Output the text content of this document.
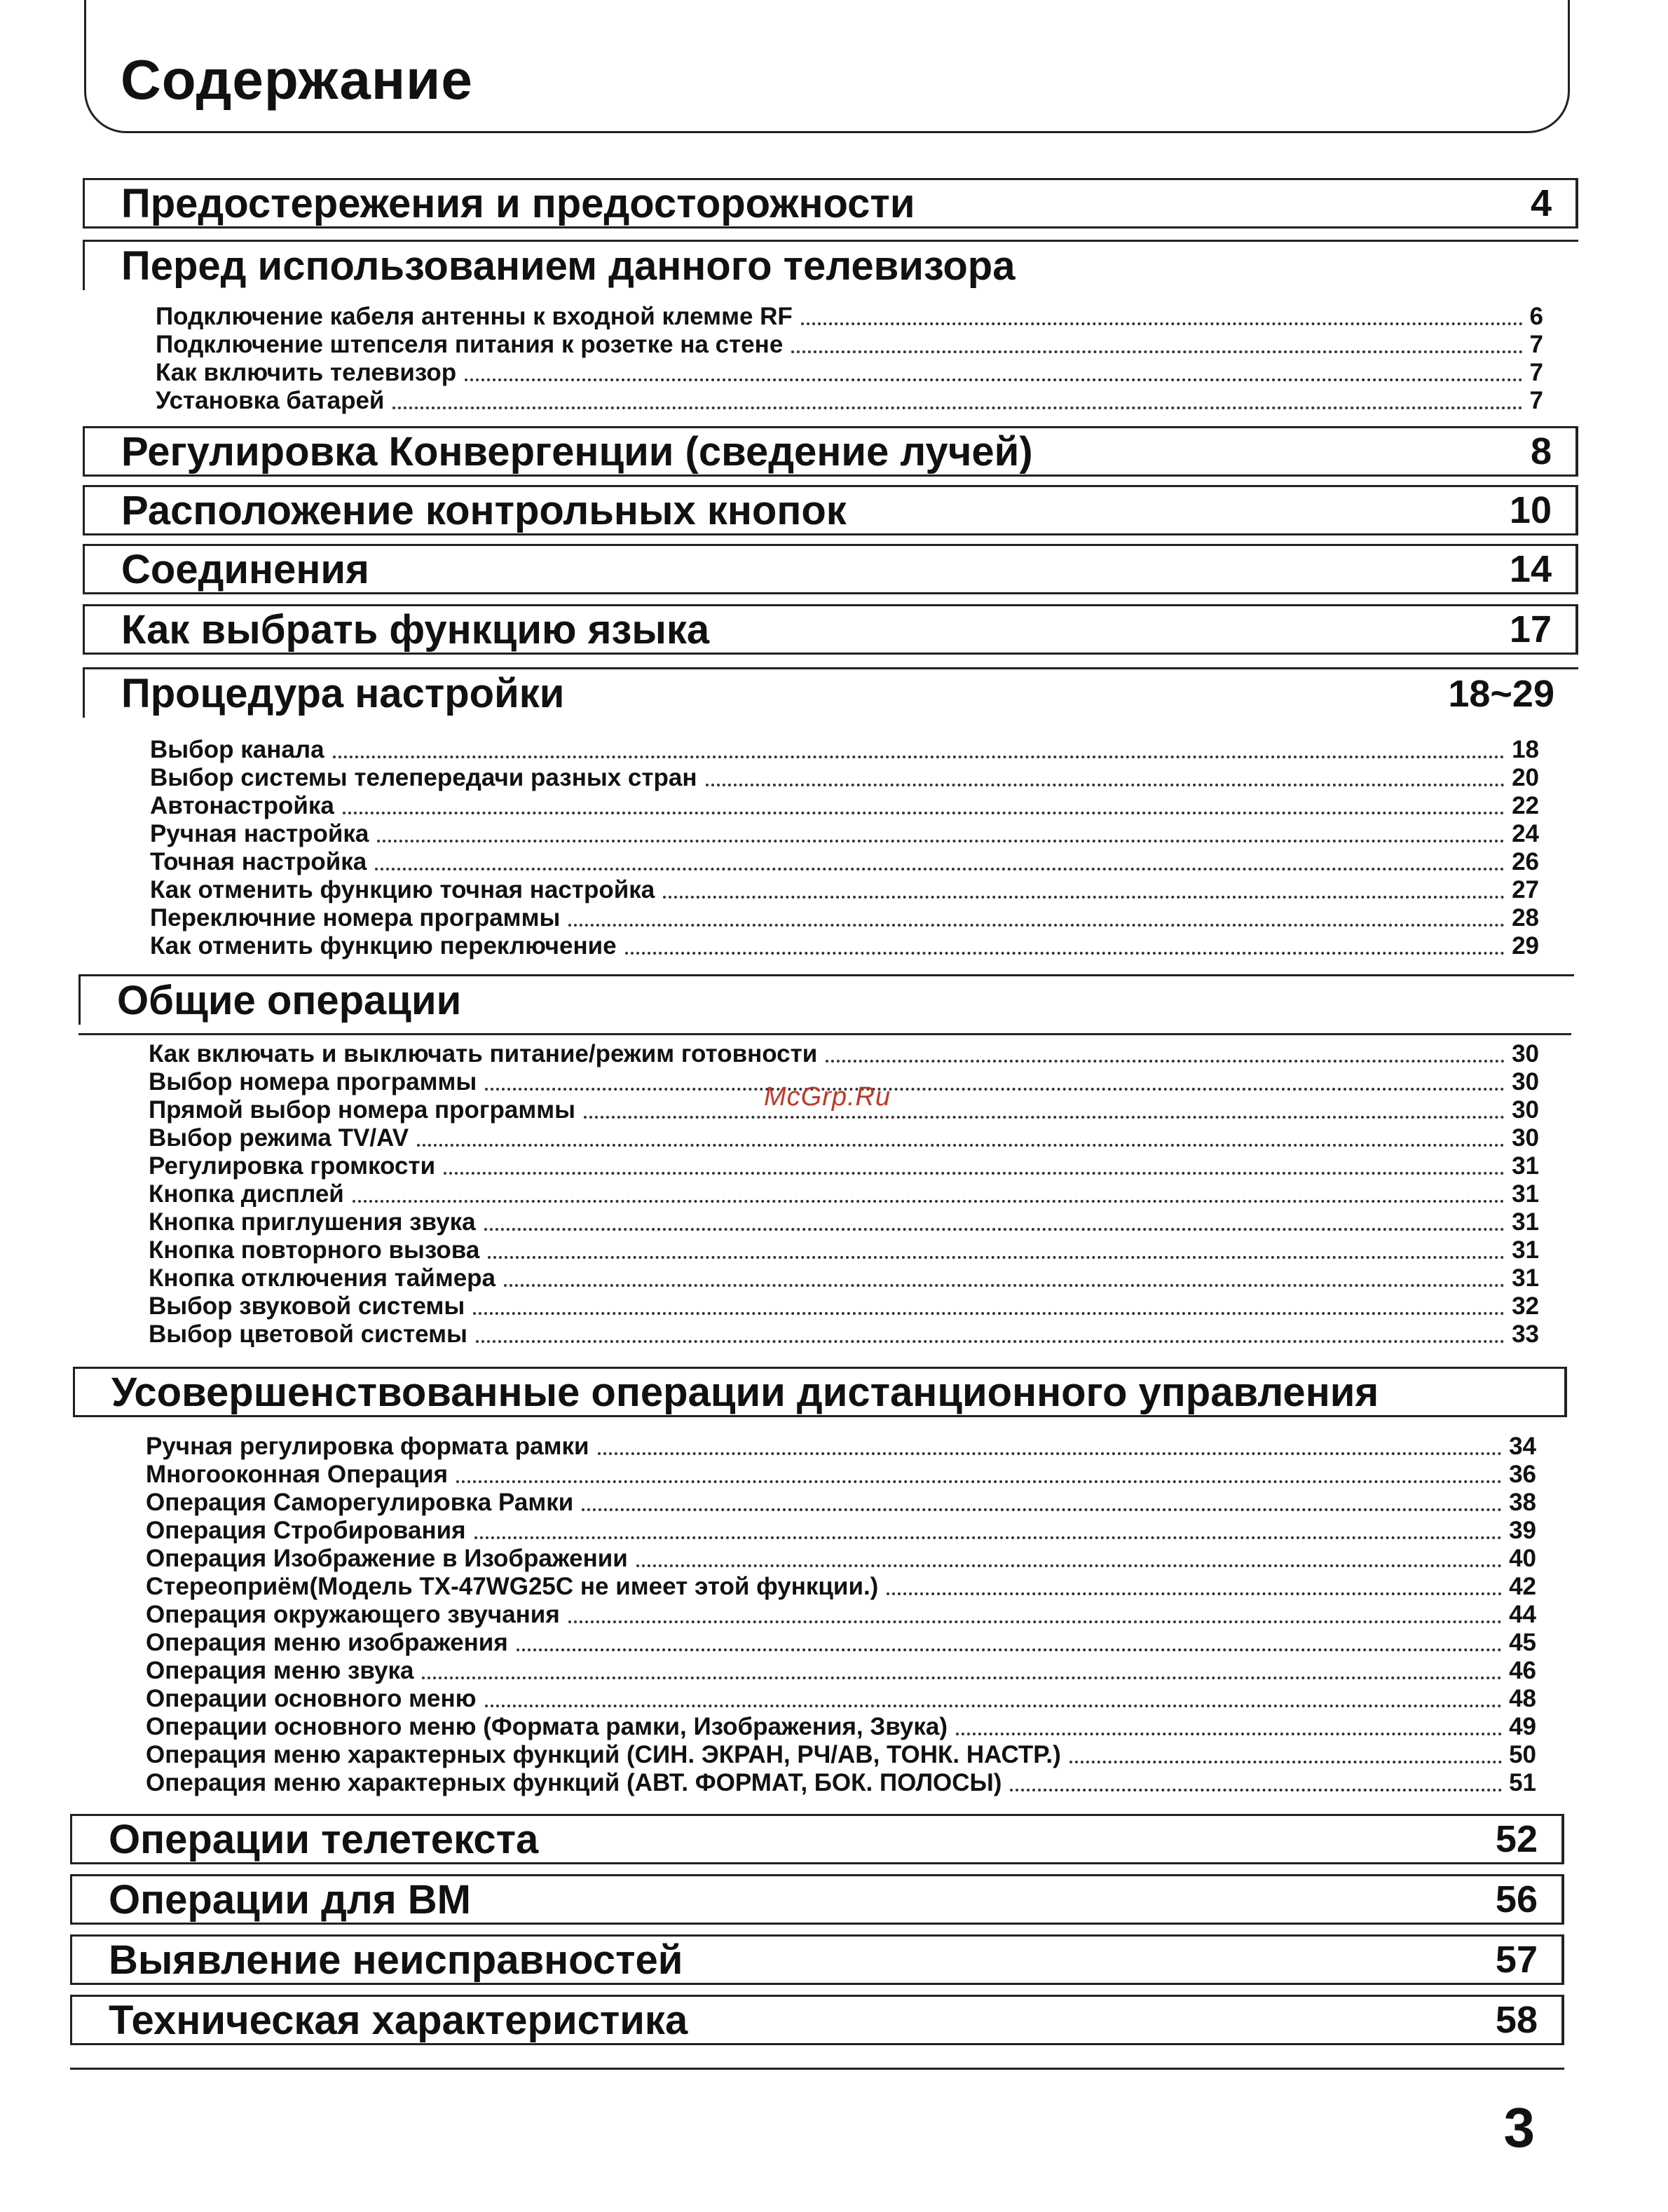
Содержание
Предостережения и предосторожности	4
Перед использованием данного телевизора
Подключение кабеля антенны к входной клемме RF	6
Подключение штепселя питания к розетке на стене	7
Как включить телевизор	7
Установка батарей	7
Регулировка Конвергенции (сведение лучей)	8
Расположение контрольных кнопок	10
Соединения	14
Как выбрать функцию языка	17
Процедура настройки	18~29
Выбор канала	18
Выбор системы телепередачи разных стран	20
Автонастройка	22
Ручная настройка	24
Точная настройка	26
Как отменить функцию точная настройка	27
Переключние номера программы	28
Как отменить функцию переключение	29
Общие операции
Как включать и выключать питание/режим готовности	30
Выбор номера программы	30
Прямой выбор номера программы	30
Выбор режима TV/AV	30
Регулировка громкости	31
Кнопка дисплей	31
Кнопка приглушения звука	31
Кнопка повторного вызова	31
Кнопка отключения таймера	31
Выбор звуковой системы	32
Выбор цветовой системы	33
Усовершенствованные операции дистанционного управления
Ручная регулировка формата рамки	34
Многооконная Операция	36
Операция Саморегулировка Рамки	38
Операция Стробирования	39
Операция Изображение в Изображении	40
Стереоприём(Модель TX-47WG25C не имеет этой функции.)	42
Операция окружающего звучания	44
Операция меню изображения	45
Операция меню звука	46
Операции основного меню	48
Операции основного меню (Формата рамки, Изображения, Звука)	49
Операция меню характерных функций (СИН. ЭКРАН, РЧ/АВ, ТОНК. НАСТР.)	50
Операция меню характерных функций (АВТ. ФОРМАТ, БОК. ПОЛОСЫ)	51
Операции телетекста	52
Операции для ВМ	56
Выявление неисправностей	57
Техническая характеристика	58
McGrp.Ru
3
